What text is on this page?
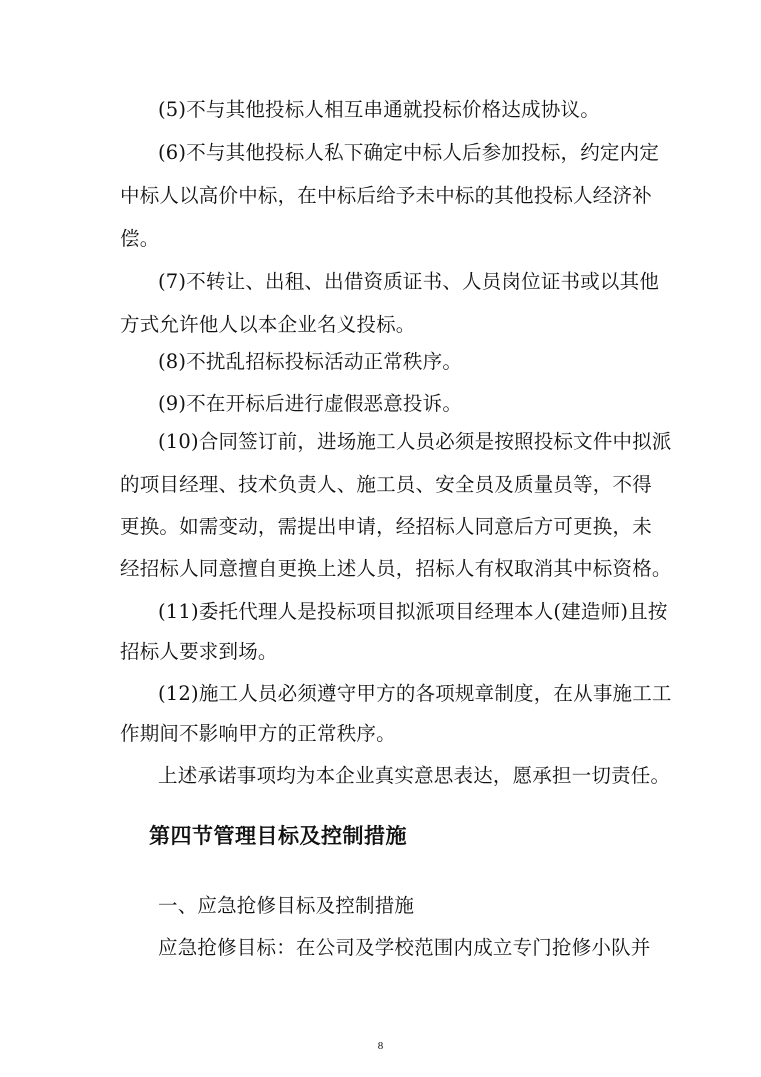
(5)不与其他投标人相互串通就投标价格达成协议。
(6)不与其他投标人私下确定中标人后参加投标，约定内定
中标人以高价中标，在中标后给予未中标的其他投标人经济补
偿。
(7)不转让、出租、出借资质证书、人员岗位证书或以其他
方式允许他人以本企业名义投标。
(8)不扰乱招标投标活动正常秩序。
(9)不在开标后进行虚假恶意投诉。
(10)合同签订前，进场施工人员必须是按照投标文件中拟派
的项目经理、技术负责人、施工员、安全员及质量员等，不得
更换。如需变动，需提出申请，经招标人同意后方可更换，未
经招标人同意擅自更换上述人员，招标人有权取消其中标资格。
(11)委托代理人是投标项目拟派项目经理本人(建造师)且按
招标人要求到场。
(12)施工人员必须遵守甲方的各项规章制度，在从事施工工
作期间不影响甲方的正常秩序。
上述承诺事项均为本企业真实意思表达，愿承担一切责任。
第四节管理目标及控制措施
一、应急抢修目标及控制措施
应急抢修目标：在公司及学校范围内成立专门抢修小队并
8
